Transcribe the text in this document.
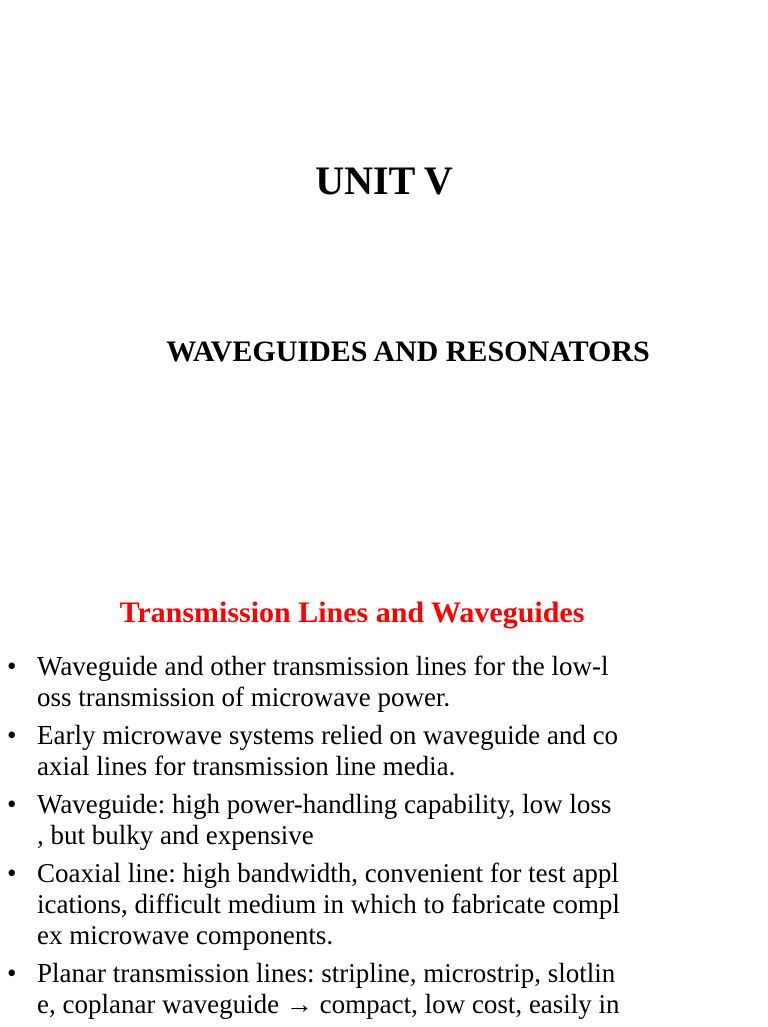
UNIT V
WAVEGUIDES AND RESONATORS
Transmission Lines and Waveguides
• Waveguide and other transmission lines for the low-l
oss transmission of microwave power.
• Early microwave systems relied on waveguide and co
axial lines for transmission line media.
• Waveguide: high power-handling capability, low loss
, but bulky and expensive
• Coaxial line: high bandwidth, convenient for test appl
ications, difficult medium in which to fabricate compl
ex microwave components.
• Planar transmission lines: stripline, microstrip, slotlin
e, coplanar waveguide → compact, low cost, easily in
